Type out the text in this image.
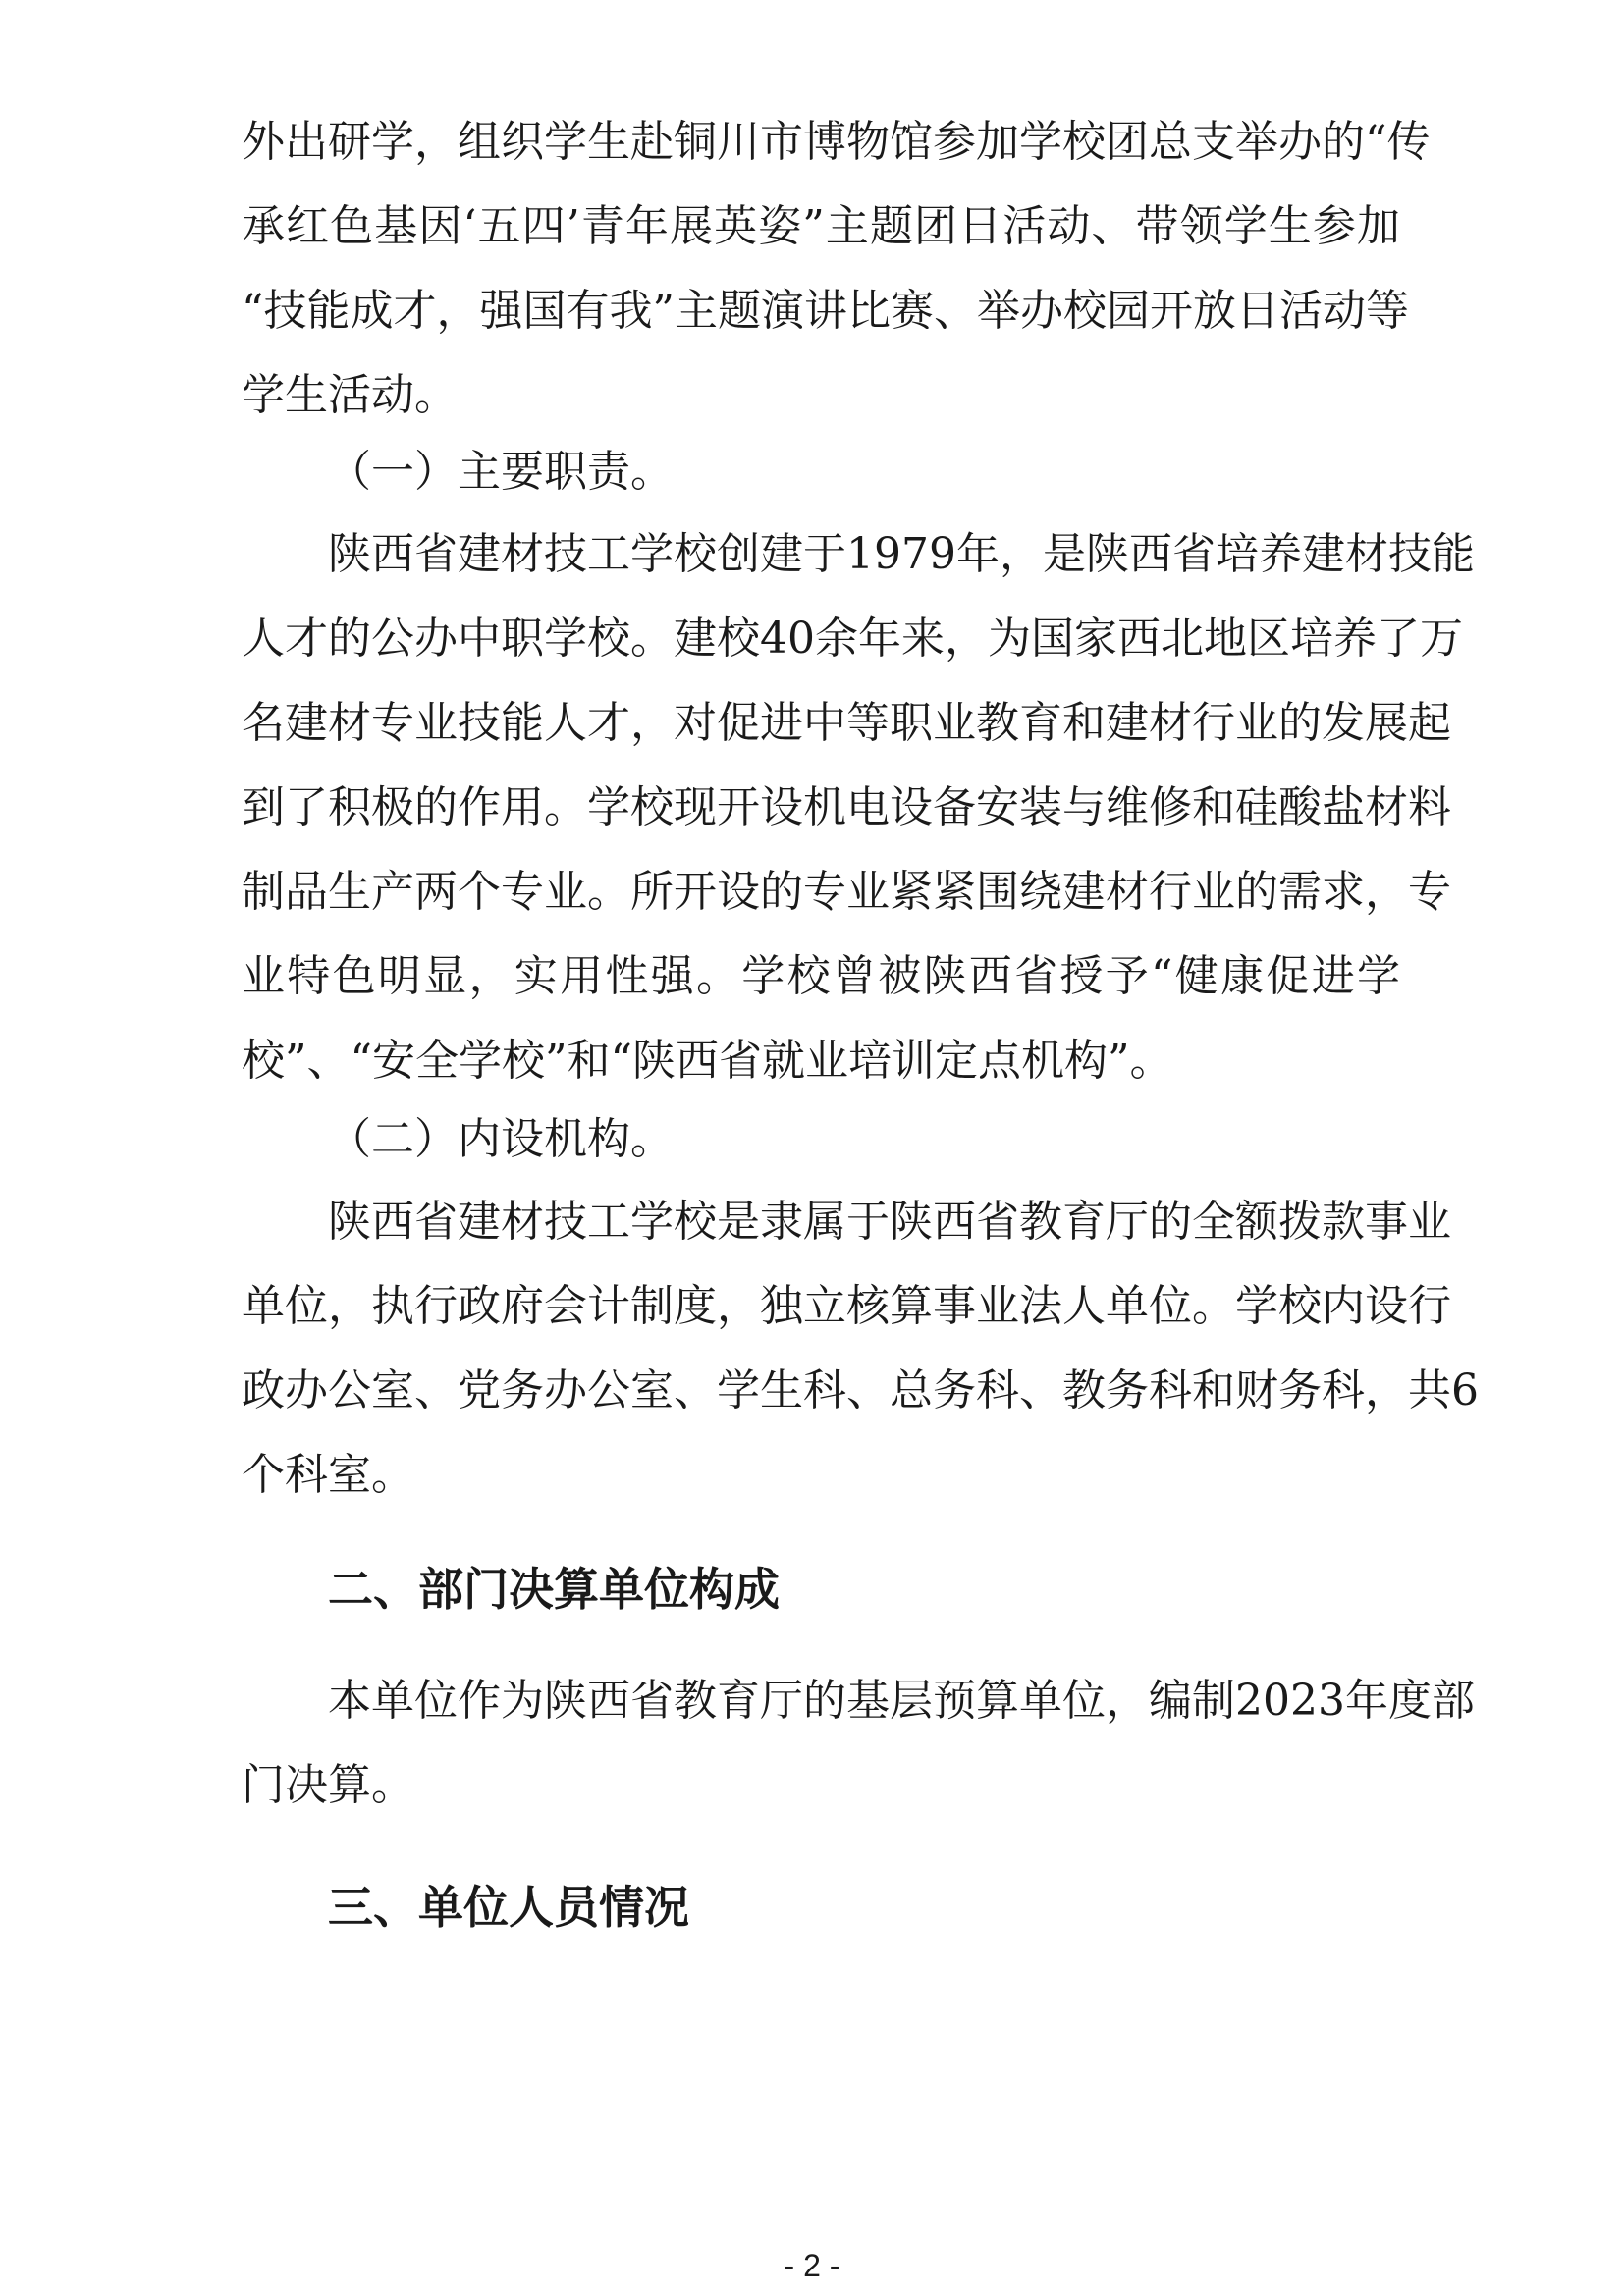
外出研学，组织学生赴铜川市博物馆参加学校团总支举办的“传
承红色基因‘五四’青年展英姿”主题团日活动、带领学生参加
“技能成才，强国有我”主题演讲比赛、举办校园开放日活动等
学生活动。
（一）主要职责。
陕西省建材技工学校创建于1979年，是陕西省培养建材技能
人才的公办中职学校。建校40余年来，为国家西北地区培养了万
名建材专业技能人才，对促进中等职业教育和建材行业的发展起
到了积极的作用。学校现开设机电设备安装与维修和硅酸盐材料
制品生产两个专业。所开设的专业紧紧围绕建材行业的需求，专
业特色明显，实用性强。学校曾被陕西省授予“健康促进学
校”、“安全学校”和“陕西省就业培训定点机构”。
（二）内设机构。
陕西省建材技工学校是隶属于陕西省教育厅的全额拨款事业
单位，执行政府会计制度，独立核算事业法人单位。学校内设行
政办公室、党务办公室、学生科、总务科、教务科和财务科，共6
个科室。
二、部门决算单位构成
本单位作为陕西省教育厅的基层预算单位，编制2023年度部
门决算。
三、单位人员情况
- 2 -
